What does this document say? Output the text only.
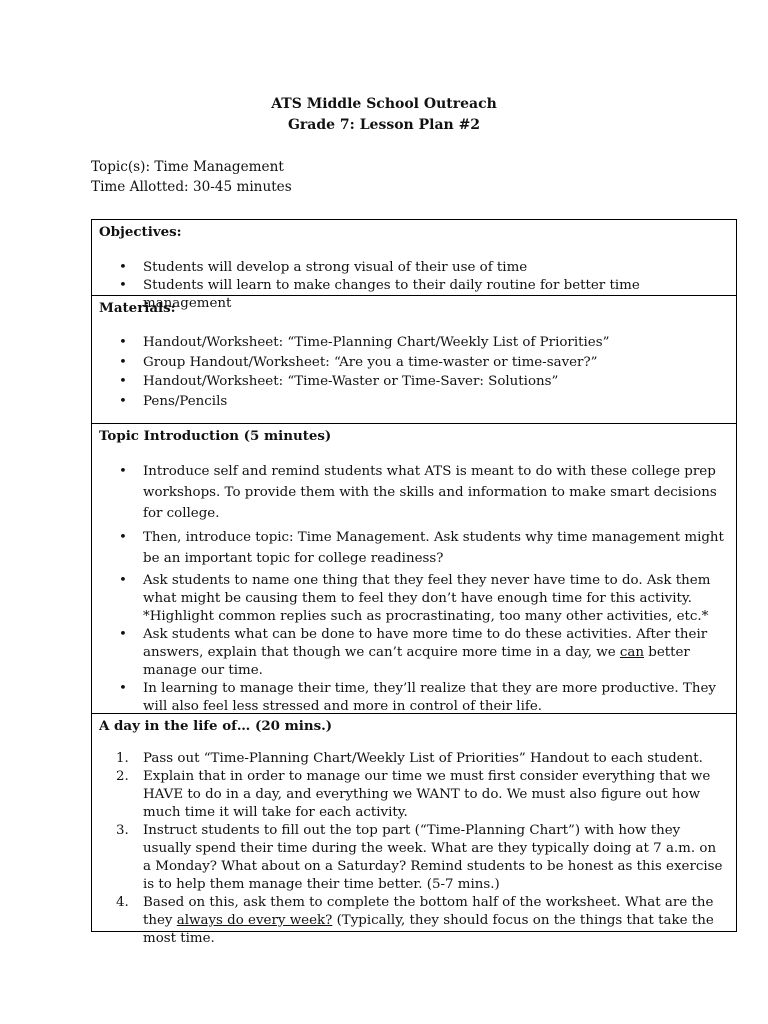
ATS Middle School Outreach
Grade 7: Lesson Plan #2
Topic(s): Time Management
Time Allotted: 30-45 minutes
Objectives:
• Students will develop a strong visual of their use of time
• Students will learn to make changes to their daily routine for better time management
Materials:
• Handout/Worksheet: “Time-Planning Chart/Weekly List of Priorities”
• Group Handout/Worksheet: “Are you a time-waster or time-saver?”
• Handout/Worksheet: “Time-Waster or Time-Saver: Solutions”
• Pens/Pencils
Topic Introduction (5 minutes)
• Introduce self and remind students what ATS is meant to do with these college prep workshops. To provide them with the skills and information to make smart decisions for college.
• Then, introduce topic: Time Management. Ask students why time management might be an important topic for college readiness?
• Ask students to name one thing that they feel they never have time to do. Ask them what might be causing them to feel they don’t have enough time for this activity. *Highlight common replies such as procrastinating, too many other activities, etc.*
• Ask students what can be done to have more time to do these activities. After their answers, explain that though we can’t acquire more time in a day, we can better manage our time.
• In learning to manage their time, they’ll realize that they are more productive. They will also feel less stressed and more in control of their life.
A day in the life of… (20 mins.)
1. Pass out “Time-Planning Chart/Weekly List of Priorities” Handout to each student.
2. Explain that in order to manage our time we must first consider everything that we HAVE to do in a day, and everything we WANT to do. We must also figure out how much time it will take for each activity.
3. Instruct students to fill out the top part (“Time-Planning Chart”) with how they usually spend their time during the week. What are they typically doing at 7 a.m. on a Monday? What about on a Saturday? Remind students to be honest as this exercise is to help them manage their time better. (5-7 mins.)
4. Based on this, ask them to complete the bottom half of the worksheet. What are the they always do every week? (Typically, they should focus on the things that take the most time.
